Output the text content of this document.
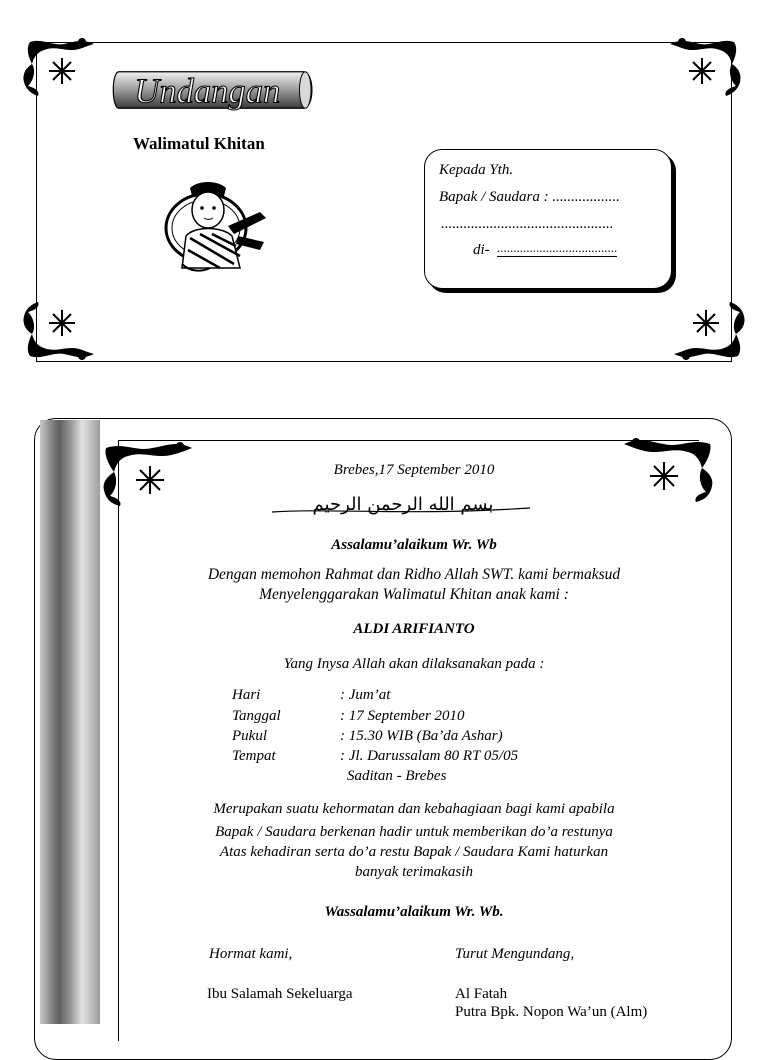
Undangan
Walimatul Khitan
Kepada Yth.
Bapak / Saudara : ..................
..............................................
di- .....................................
Brebes,17 September 2010
بسم الله الرحمن الرحيم
Assalamu’alaikum Wr. Wb
Dengan memohon Rahmat dan Ridho Allah SWT. kami bermaksud
Menyelenggarakan Walimatul Khitan anak kami :
ALDI ARIFIANTO
Yang Inysa Allah akan dilaksanakan pada :
Hari	: Jum’at
Tanggal	: 17 September 2010
Pukul	: 15.30 WIB (Ba’da Ashar)
Tempat	: Jl. Darussalam 80 RT 05/05
Saditan - Brebes
Merupakan suatu kehormatan dan kebahagiaan bagi kami apabila
Bapak / Saudara berkenan hadir untuk memberikan do’a restunya
Atas kehadiran serta do’a restu Bapak / Saudara Kami haturkan
banyak terimakasih
Wassalamu’alaikum Wr. Wb.
Hormat kami,	Turut Mengundang,
Ibu Salamah Sekeluarga	Al Fatah
Putra Bpk. Nopon Wa’un (Alm)
